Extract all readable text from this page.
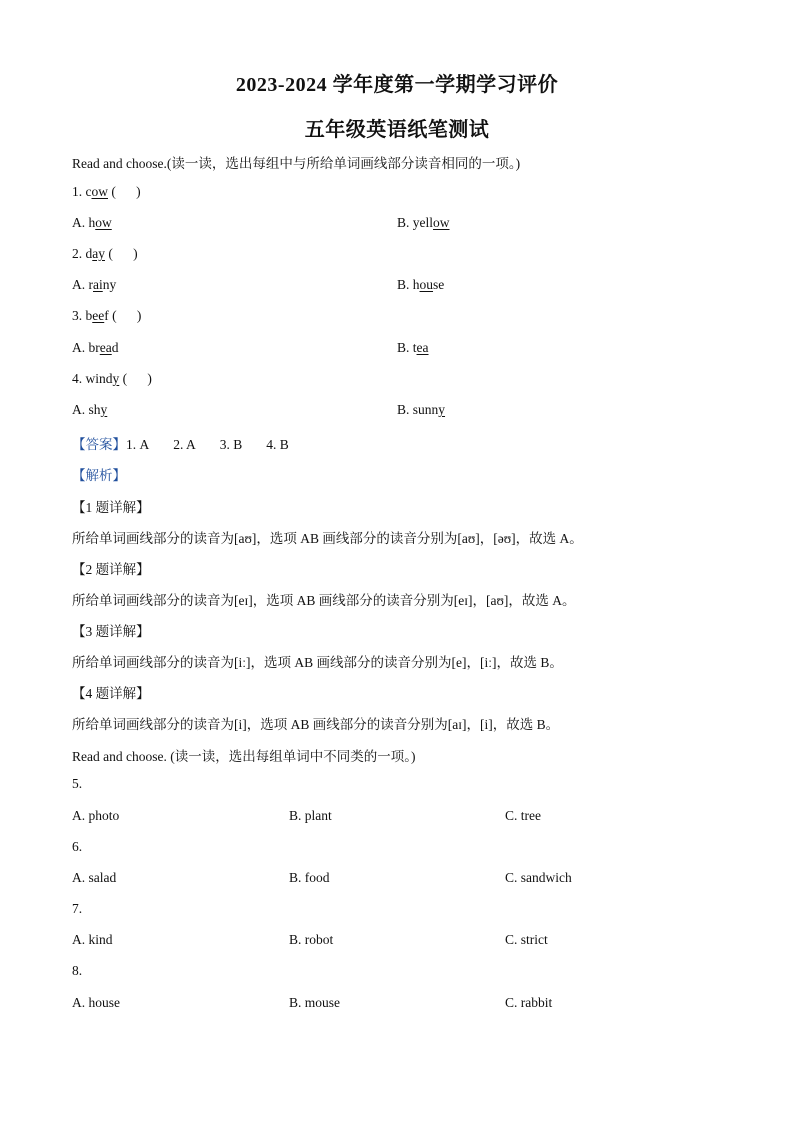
2023-2024 学年度第一学期学习评价
五年级英语纸笔测试
Read and choose.(读一读，选出每组中与所给单词画线部分读音相同的一项。)
1. cow (      )
A. how	B. yellow
2. day (      )
A. rainy	B. house
3. beef (      )
A. bread	B. tea
4. windy (      )
A. shy	B. sunny
【答案】1. A 2. A 3. B 4. B
【解析】
【1 题详解】
所给单词画线部分的读音为[aʊ]，选项 AB 画线部分的读音分别为[aʊ]，[əʊ]，故选 A。
【2 题详解】
所给单词画线部分的读音为[eɪ]，选项 AB 画线部分的读音分别为[eɪ]，[aʊ]，故选 A。
【3 题详解】
所给单词画线部分的读音为[iː]，选项 AB 画线部分的读音分别为[e]，[iː]，故选 B。
【4 题详解】
所给单词画线部分的读音为[i]，选项 AB 画线部分的读音分别为[aɪ]，[i]，故选 B。
Read and choose. (读一读，选出每组单词中不同类的一项。)
5.
A. photo	B. plant	C. tree
6.
A. salad	B. food	C. sandwich
7.
A. kind	B. robot	C. strict
8.
A. house	B. mouse	C. rabbit
